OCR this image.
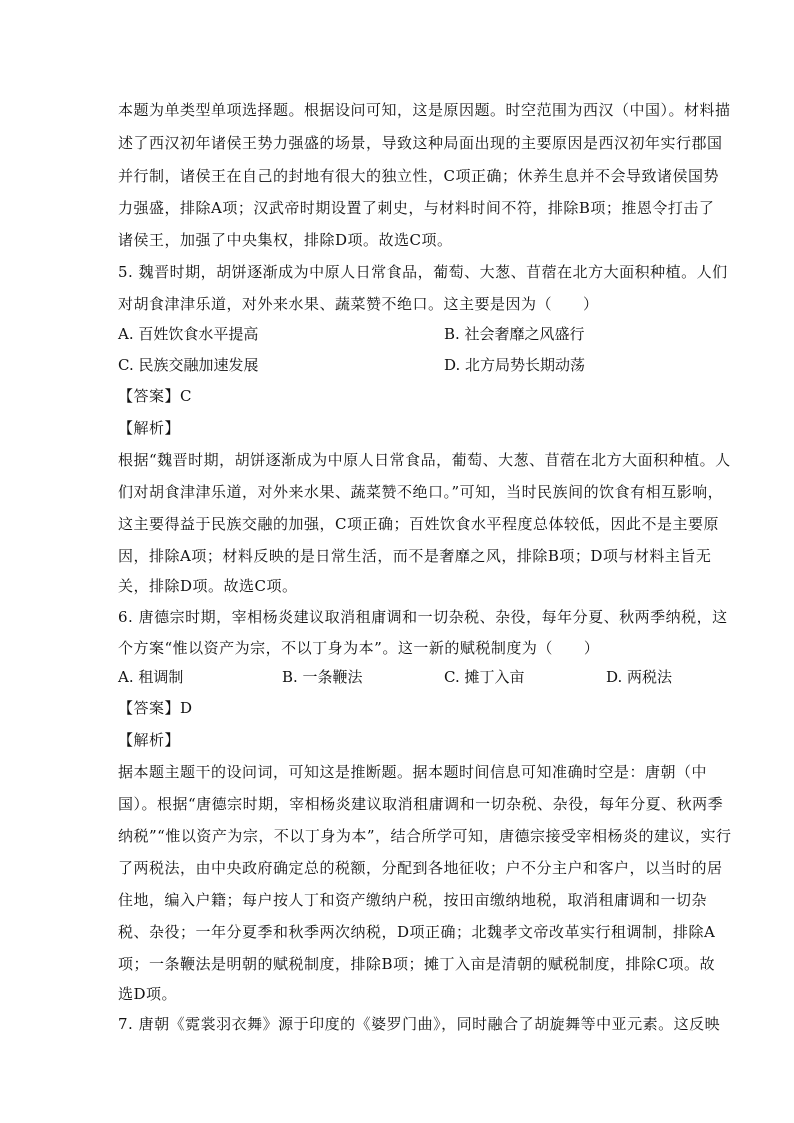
本题为单类型单项选择题。根据设问可知，这是原因题。时空范围为西汉（中国）。材料描
述了西汉初年诸侯王势力强盛的场景，导致这种局面出现的主要原因是西汉初年实行郡国
并行制，诸侯王在自己的封地有很大的独立性，C项正确；休养生息并不会导致诸侯国势
力强盛，排除A项；汉武帝时期设置了刺史，与材料时间不符，排除B项；推恩令打击了
诸侯王，加强了中央集权，排除D项。故选C项。
5. 魏晋时期，胡饼逐渐成为中原人日常食品，葡萄、大葱、苜蓿在北方大面积种植。人们
对胡食津津乐道，对外来水果、蔬菜赞不绝口。这主要是因为（　　）
A. 百姓饮食水平提高	B. 社会奢靡之风盛行
C. 民族交融加速发展	D. 北方局势长期动荡
【答案】C
【解析】
根据“魏晋时期，胡饼逐渐成为中原人日常食品，葡萄、大葱、苜蓿在北方大面积种植。人
们对胡食津津乐道，对外来水果、蔬菜赞不绝口。”可知，当时民族间的饮食有相互影响，
这主要得益于民族交融的加强，C项正确；百姓饮食水平程度总体较低，因此不是主要原
因，排除A项；材料反映的是日常生活，而不是奢靡之风，排除B项；D项与材料主旨无
关，排除D项。故选C项。
6. 唐德宗时期，宰相杨炎建议取消租庸调和一切杂税、杂役，每年分夏、秋两季纳税，这
个方案“惟以资产为宗，不以丁身为本”。这一新的赋税制度为（　　）
A. 租调制	B. 一条鞭法	C. 摊丁入亩	D. 两税法
【答案】D
【解析】
据本题主题干的设问词，可知这是推断题。据本题时间信息可知准确时空是：唐朝（中
国）。根据“唐德宗时期，宰相杨炎建议取消租庸调和一切杂税、杂役，每年分夏、秋两季
纳税”“惟以资产为宗，不以丁身为本”，结合所学可知，唐德宗接受宰相杨炎的建议，实行
了两税法，由中央政府确定总的税额，分配到各地征收；户不分主户和客户，以当时的居
住地，编入户籍；每户按人丁和资产缴纳户税，按田亩缴纳地税，取消租庸调和一切杂
税、杂役；一年分夏季和秋季两次纳税，D项正确；北魏孝文帝改革实行租调制，排除A
项；一条鞭法是明朝的赋税制度，排除B项；摊丁入亩是清朝的赋税制度，排除C项。故
选D项。
7. 唐朝《霓裳羽衣舞》源于印度的《婆罗门曲》，同时融合了胡旋舞等中亚元素。这反映
